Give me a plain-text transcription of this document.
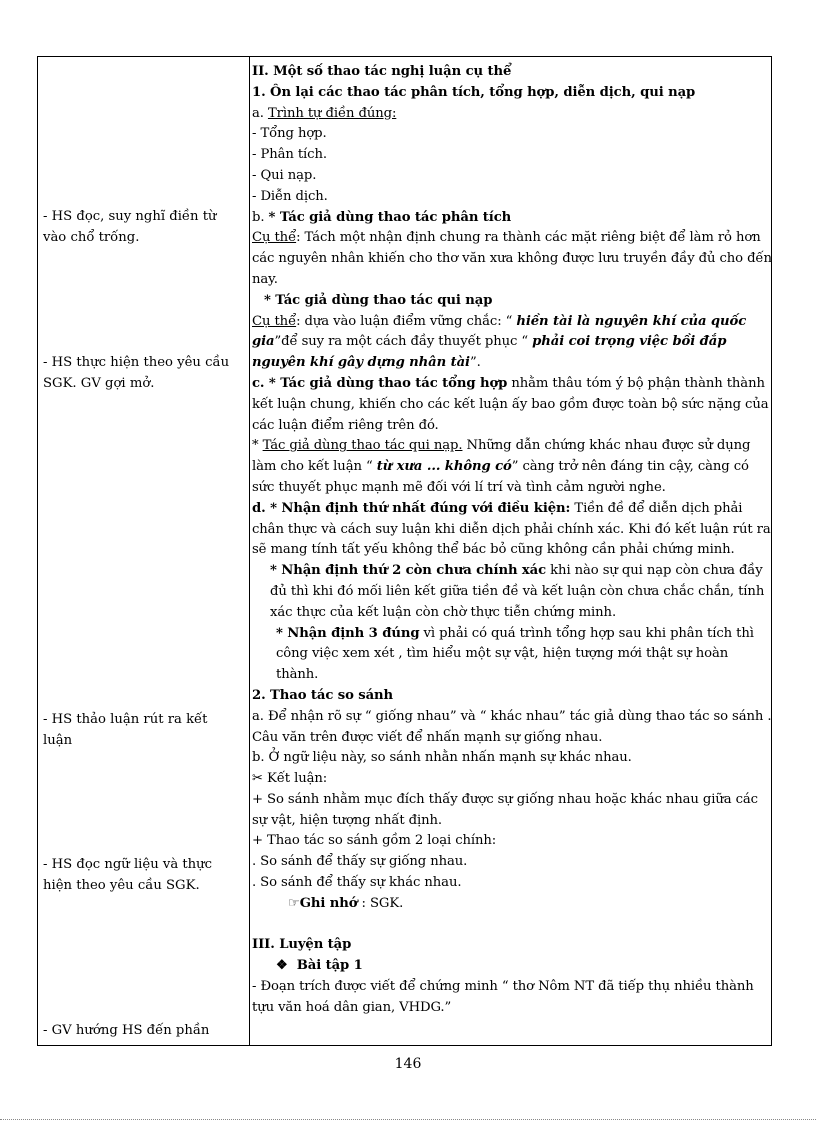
- HS đọc, suy nghĩ điền từ vào chổ trống.
- HS thực hiện theo yêu cầu SGK. GV gợi mở.
- HS thảo luận rút ra kết luận
- HS đọc ngữ liệu và thực hiện theo yêu cầu SGK.
- GV hướng HS đến phần

II. Một số thao tác nghị luận cụ thể

1. Ôn lại các thao tác phân tích, tổng hợp, diễn dịch, qui nạp

a. Trình tự điền đúng:

- Tổng hợp.

- Phân tích.

- Qui nạp.

- Diễn dịch.

b. * Tác giả dùng thao tác phân tích

Cụ thể: Tách một nhận định chung ra thành các mặt riêng biệt để làm rỏ hơn các nguyên nhân khiến cho thơ văn xưa không được lưu truyền đầy đủ cho đến nay.

* Tác giả dùng thao tác qui nạp

Cụ thể: dựa vào luận điểm vững chắc: “ hiền tài là nguyên khí của quốc gia”để suy ra một cách đầy thuyết phục “ phải coi trọng việc bồi đắp nguyên khí gây dựng nhân tài”.

c. * Tác giả dùng thao tác tổng hợp nhằm thâu tóm ý bộ phận thành thành kết luận chung, khiến cho các kết luận ấy bao gồm được toàn bộ sức nặng của các luận điểm riêng trên đó.

* Tác giả dùng thao tác qui nạp. Những dẫn chứng khác nhau được sử dụng làm cho kết luận “ từ xưa ... không có” càng trở nên đáng tin cậy, càng có sức thuyết phục mạnh mẽ đối với lí trí và tình cảm người nghe.

d. * Nhận định thứ nhất đúng với điều kiện: Tiền đề để diễn dịch phải chân thực và cách suy luận khi diễn dịch phải chính xác. Khi đó kết luận rút ra sẽ mang tính tất yếu không thể bác bỏ cũng không cần phải chứng minh.

* Nhận định thứ 2 còn chưa chính xác khi nào sự qui nạp còn chưa đầy đủ thì khi đó mối liên kết giữa tiền đề và kết luận còn chưa chắc chắn, tính xác thực của kết luận còn chờ thực tiễn chứng minh.

* Nhận định 3 đúng vì phải có quá trình tổng hợp sau khi phân tích thì công việc xem xét , tìm hiểu một sự vật, hiện tượng mới thật sự hoàn thành.

2. Thao tác so sánh

a. Để nhận rõ sự “ giống nhau” và “ khác nhau” tác giả dùng thao tác so sánh . Câu văn trên được viết để nhấn mạnh sự giống nhau.

b. Ở ngữ liệu này, so sánh nhằn nhấn mạnh sự khác nhau.

✂ Kết luận:

+ So sánh nhằm mục đích thấy được sự giống nhau hoặc khác nhau giữa các sự vật, hiện tượng nhất định.

+ Thao tác so sánh gồm 2 loại chính:

. So sánh để thấy sự giống nhau.

. So sánh để thấy sự khác nhau.

☞Ghi nhớ : SGK.

III. Luyện tập

❖ Bài tập 1

- Đoạn trích được viết để chứng minh “ thơ Nôm NT đã tiếp thụ nhiều thành tựu văn hoá dân gian, VHDG.”

146
